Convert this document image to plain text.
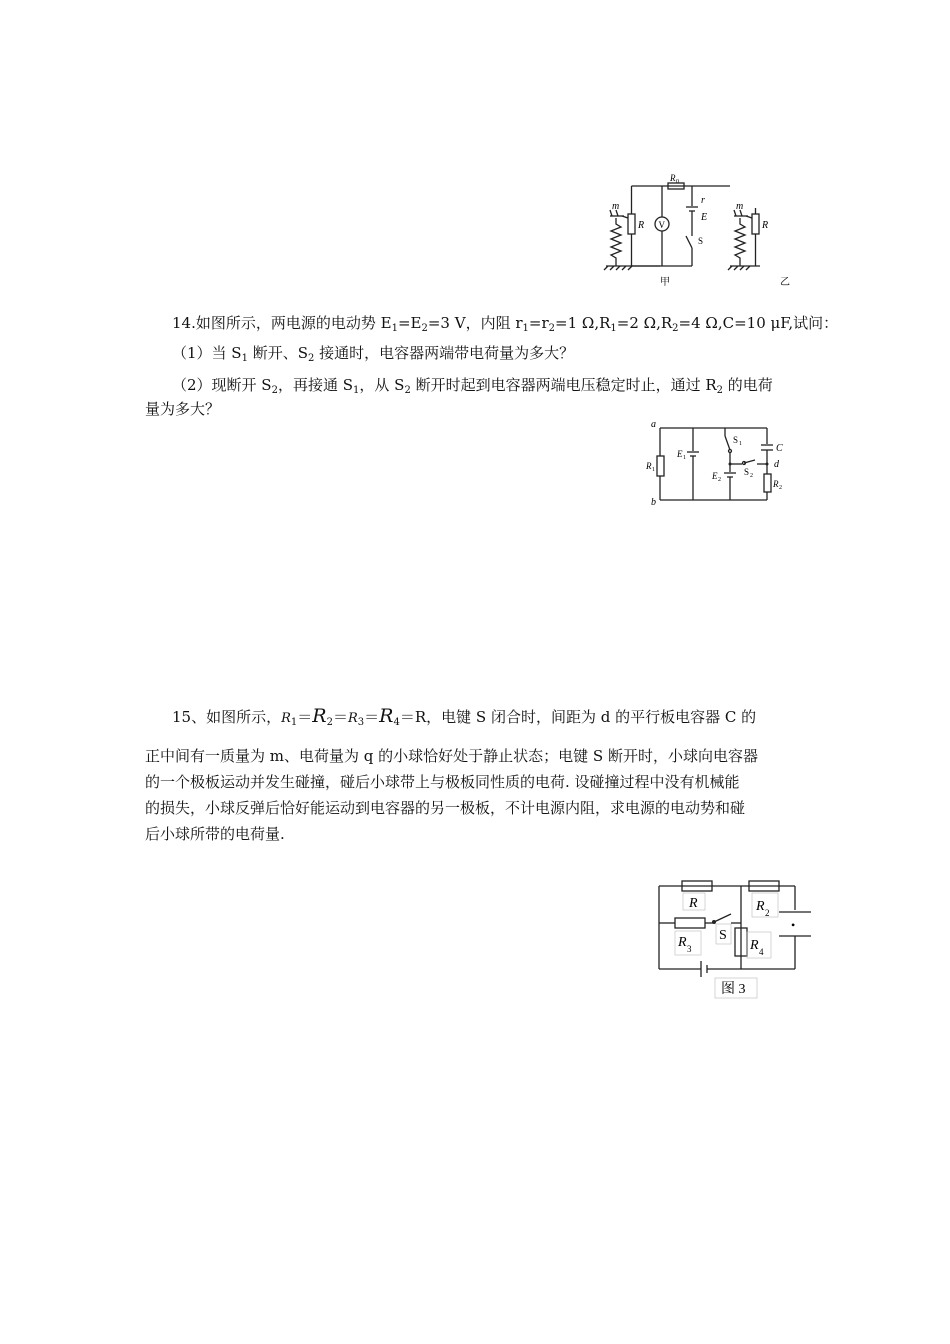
m
R V
R 0
r
E
S
m
R
甲	乙
14.如图所示，两电源的电动势 $E_1=E_2=3$ V，内阻 $r_1=r_2=1$ $\Omega,R_1=2$ $\Omega,R_2=4$ Ω,C=10 μF,试问：
（1）当 $S_1$ 断开、$S_2$ 接通时，电容器两端带电荷量为多大？
（2）现断开 $S_2$，再接通 $S_1$，从 $S_2$ 断开时起到电容器两端电压稳定时止，通过 $R_2$ 的电荷
量为多大？
a
b
R 1
E 1
E 2
S 1
S 2
C
d
R 2
15、如图所示，$R_1=R_2=R_3=R_4=R$，电键 S 闭合时，间距为 d 的平行板电容器 C 的
正中间有一质量为 m、电荷量为 q 的小球恰好处于静止状态；电键 S 断开时，小球向电容器
的一个极板运动并发生碰撞，碰后小球带上与极板同性质的电荷. 设碰撞过程中没有机械能
的损失，小球反弹后恰好能运动到电容器的另一极板，不计电源内阻，求电源的电动势和碰
后小球所带的电荷量.
•
R	R 2
R 3
S
R 4
图 3
